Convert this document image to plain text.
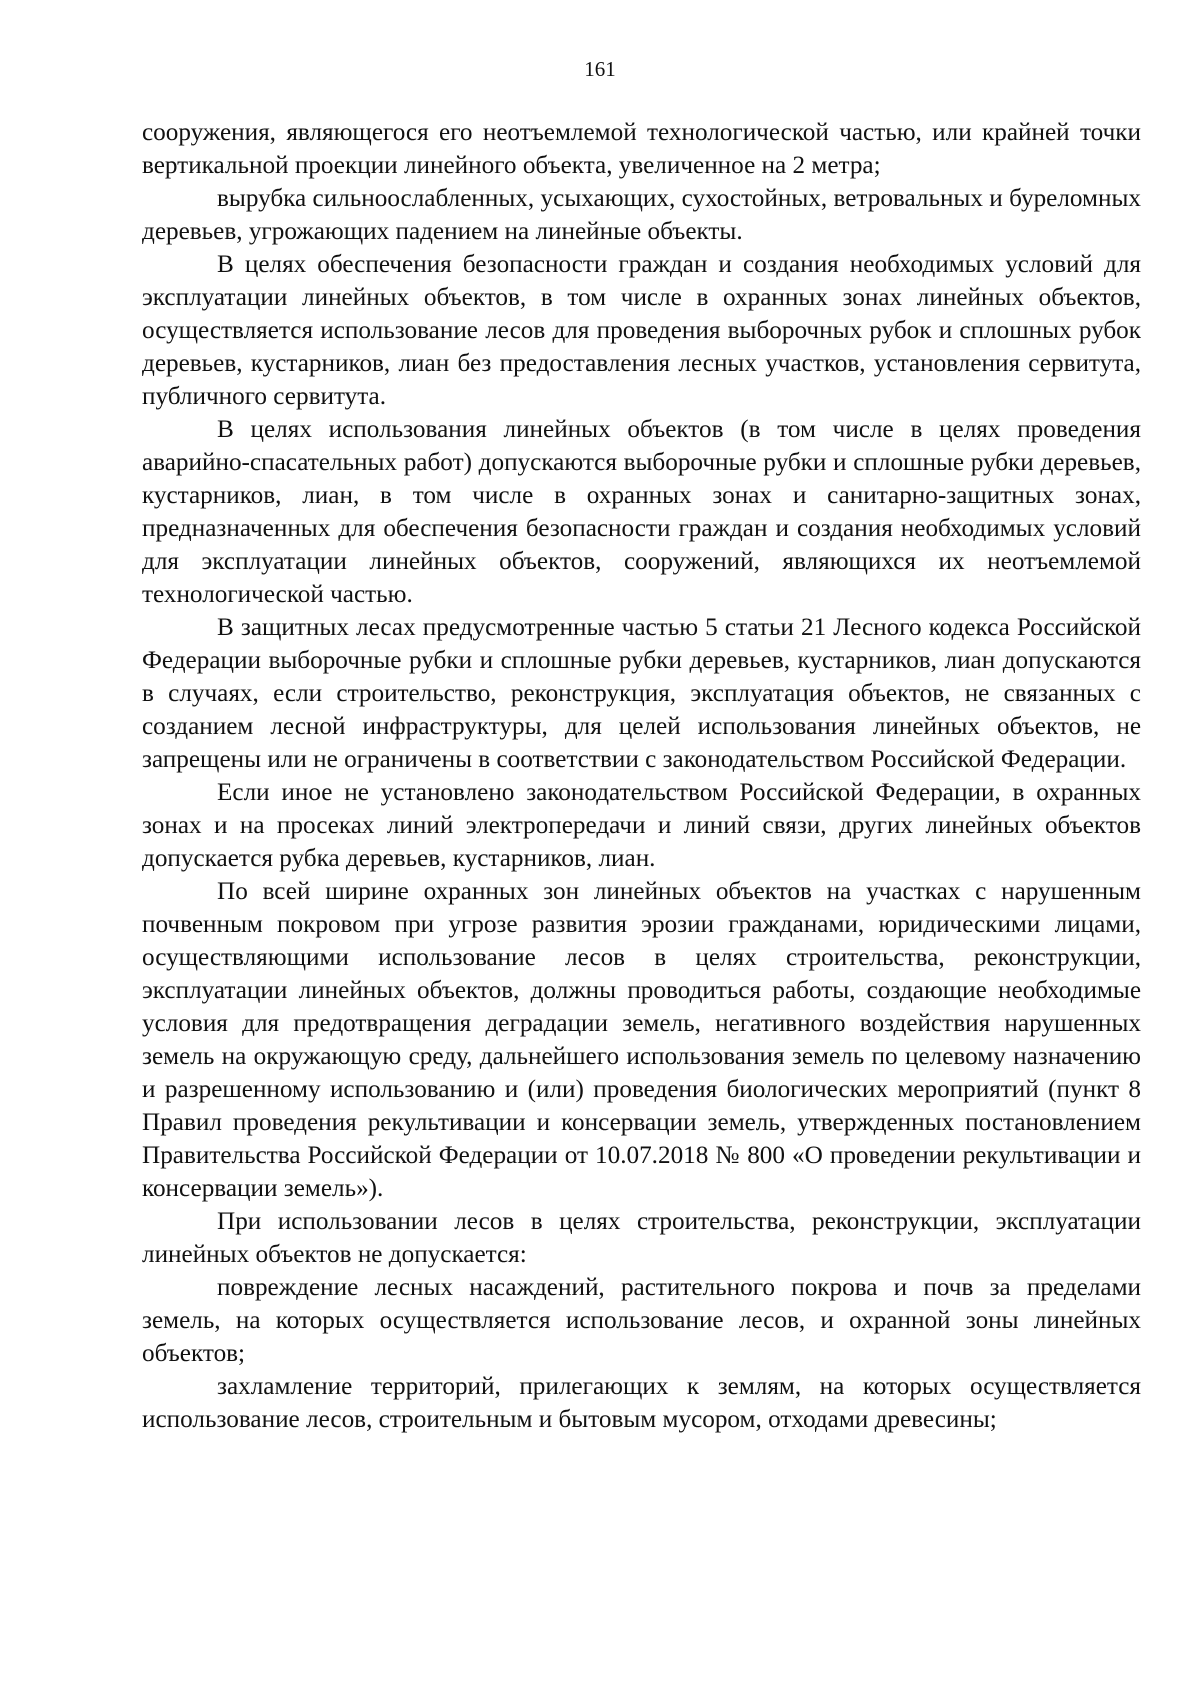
161

сооружения, являющегося его неотъемлемой технологической частью, или крайней точки вертикальной проекции линейного объекта, увеличенное на 2 метра;

вырубка сильноослабленных, усыхающих, сухостойных, ветровальных и буреломных деревьев, угрожающих падением на линейные объекты.

В целях обеспечения безопасности граждан и создания необходимых условий для эксплуатации линейных объектов, в том числе в охранных зонах линейных объектов, осуществляется использование лесов для проведения выборочных рубок и сплошных рубок деревьев, кустарников, лиан без предоставления лесных участков, установления сервитута, публичного сервитута.

В целях использования линейных объектов (в том числе в целях проведения аварийно-спасательных работ) допускаются выборочные рубки и сплошные рубки деревьев, кустарников, лиан, в том числе в охранных зонах и санитарно-защитных зонах, предназначенных для обеспечения безопасности граждан и создания необходимых условий для эксплуатации линейных объектов, сооружений, являющихся их неотъемлемой технологической частью.

В защитных лесах предусмотренные частью 5 статьи 21 Лесного кодекса Российской Федерации выборочные рубки и сплошные рубки деревьев, кустарников, лиан допускаются в случаях, если строительство, реконструкция, эксплуатация объектов, не связанных с созданием лесной инфраструктуры, для целей использования линейных объектов, не запрещены или не ограничены в соответствии с законодательством Российской Федерации.

Если иное не установлено законодательством Российской Федерации, в охранных зонах и на просеках линий электропередачи и линий связи, других линейных объектов допускается рубка деревьев, кустарников, лиан.

По всей ширине охранных зон линейных объектов на участках с нарушенным почвенным покровом при угрозе развития эрозии гражданами, юридическими лицами, осуществляющими использование лесов в целях строительства, реконструкции, эксплуатации линейных объектов, должны проводиться работы, создающие необходимые условия для предотвращения деградации земель, негативного воздействия нарушенных земель на окружающую среду, дальнейшего использования земель по целевому назначению и разрешенному использованию и (или) проведения биологических мероприятий (пункт 8 Правил проведения рекультивации и консервации земель, утвержденных постановлением Правительства Российской Федерации от 10.07.2018 № 800 «О проведении рекультивации и консервации земель»).

При использовании лесов в целях строительства, реконструкции, эксплуатации линейных объектов не допускается:

повреждение лесных насаждений, растительного покрова и почв за пределами земель, на которых осуществляется использование лесов, и охранной зоны линейных объектов;

захламление территорий, прилегающих к землям, на которых осуществляется использование лесов, строительным и бытовым мусором, отходами древесины;
